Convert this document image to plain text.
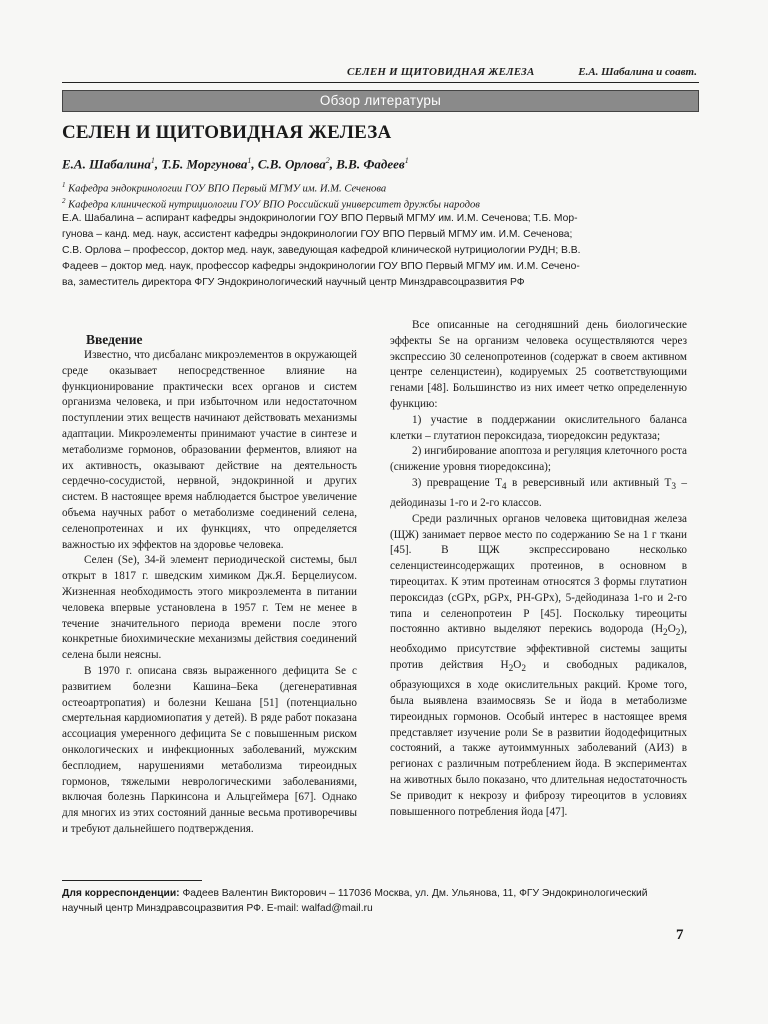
СЕЛЕН И ЩИТОВИДНАЯ ЖЕЛЕЗА	Е.А. Шабалина и соавт.
Обзор литературы
СЕЛЕН И ЩИТОВИДНАЯ ЖЕЛЕЗА
Е.А. Шабалина$^1$, Т.Б. Моргунова$^1$, С.В. Орлова$^2$, В.В. Фадеев$^1$
$^1$ Кафедра эндокринологии ГОУ ВПО Первый МГМУ им. И.М. Сеченова
$^2$ Кафедра клинической нутрициологии ГОУ ВПО Российский университет дружбы народов
Е.А. Шабалина – аспирант кафедры эндокринологии ГОУ ВПО Первый МГМУ им. И.М. Сеченова; Т.Б. Мор-
гунова – канд. мед. наук, ассистент кафедры эндокринологии ГОУ ВПО Первый МГМУ им. И.М. Сеченова;
С.В. Орлова – профессор, доктор мед. наук, заведующая кафедрой клинической нутрициологии РУДН; В.В.
Фадеев – доктор мед. наук, профессор кафедры эндокринологии ГОУ ВПО Первый МГМУ им. И.М. Сечено-
ва, заместитель директора ФГУ Эндокринологический научный центр Минздравсоцразвития РФ
Введение

Известно, что дисбаланс микроэлементов в окружающей среде оказывает непосредственное влияние на функционирование практически всех органов и систем организма человека, и при избыточном или недостаточном поступлении этих веществ начинают действовать механизмы адаптации. Микроэлементы принимают участие в синтезе и метаболизме гормонов, образовании ферментов, влияют на их активность, оказывают действие на деятельность сердечно-сосудистой, нервной, эндокринной и других систем. В настоящее время наблюдается быстрое увеличение объема научных работ о метаболизме соединений селена, селенопротеинах и их функциях, что определяется важностью их эффектов на здоровье человека.

Селен (Se), 34-й элемент периодической системы, был открыт в 1817 г. шведским химиком Дж.Я. Берцелиусом. Жизненная необходимость этого микроэлемента в питании человека впервые установлена в 1957 г. Тем не менее в течение значительного периода времени после этого конкретные биохимические механизмы действия соединений селена были неясны.

В 1970 г. описана связь выраженного дефицита Se с развитием болезни Кашина–Бека (дегенеративная остеоартропатия) и болезни Кешана [51] (потенциально смертельная кардиомиопатия у детей). В ряде работ показана ассоциация умеренного дефицита Se с повышенным риском онкологических и инфекционных заболеваний, мужским бесплодием, нарушениями метаболизма тиреоидных гормонов, тяжелыми неврологическими заболеваниями, включая болезнь Паркинсона и Альцгеймера [67]. Однако для многих из этих состояний данные весьма противоречивы и требуют дальнейшего подтверждения.

Все описанные на сегодняшний день биологические эффекты Se на организм человека осуществляются через экспрессию 30 селенопротеинов (содержат в своем активном центре селенцистеин), кодируемых 25 соответствующими генами [48]. Большинство из них имеет четко определенную функцию:

1) участие в поддержании окислительного баланса клетки – глутатион пероксидаза, тиоредоксин редуктаза;

2) ингибирование апоптоза и регуляция клеточного роста (снижение уровня тиоредоксина);

3) превращение $T_4$ в реверсивный или активный $T_3$ – дейодиназы 1-го и 2-го классов.

Среди различных органов человека щитовидная железа (ЩЖ) занимает первое место по содержанию Se на 1 г ткани [45]. В ЩЖ экспрессировано несколько селенцистеинсодержащих протеинов, в основном в тиреоцитах. К этим протеинам относятся 3 формы глутатион пероксидаз (cGPx, pGPx, PH-GPx), 5-дейодиназа 1-го и 2-го типа и селенопротеин P [45]. Поскольку тиреоциты постоянно активно выделяют перекись водорода $(H_2O_2)$, необходимо присутствие эффективной системы защиты против действия $H_2O_2$ и свободных радикалов, образующихся в ходе окислительных ракций. Кроме того, была выявлена взаимосвязь Se и йода в метаболизме тиреоидных гормонов. Особый интерес в настоящее время представляет изучение роли Se в развитии йододефицитных состояний, а также аутоиммунных заболеваний (АИЗ) в регионах с различным потреблением йода. В экспериментах на животных было показано, что длительная недостаточность Se приводит к некрозу и фиброзу тиреоцитов в условиях повышенного потребления йода [47].

Для корреспонденции: Фадеев Валентин Викторович – 117036 Москва, ул. Дм. Ульянова, 11, ФГУ Эндокринологический
научный центр Минздравсоцразвития РФ. E-mail: walfad@mail.ru
7
